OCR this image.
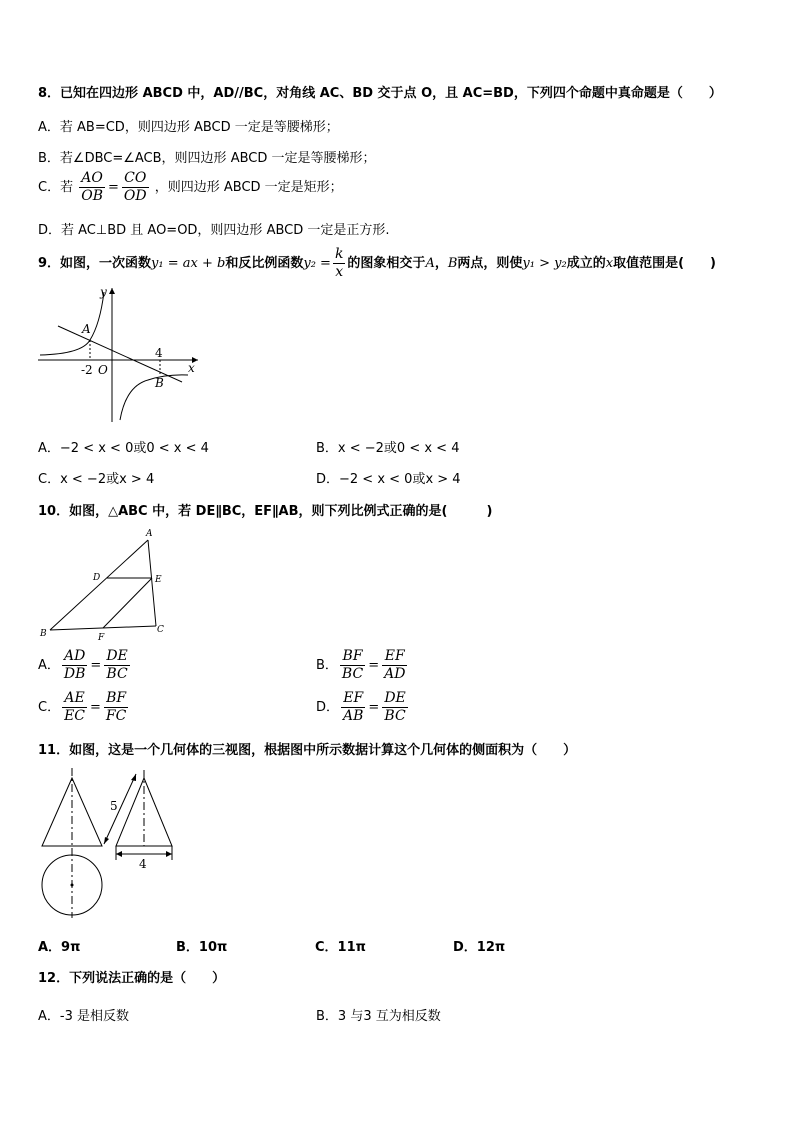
8．已知在四边形 ABCD 中，AD//BC，对角线 AC、BD 交于点 O，且 AC=BD，下列四个命题中真命题是（　　）
A．若 AB=CD，则四边形 ABCD 一定是等腰梯形；
B．若∠DBC=∠ACB，则四边形 ABCD 一定是等腰梯形；
C．若 $\frac{AO}{OB} = \frac{CO}{OD}$ ，则四边形 ABCD 一定是矩形；
D．若 AC⊥BD 且 AO=OD，则四边形 ABCD 一定是正方形.
9．如图，一次函数y₁ = ax + b和反比例函数$y_2 = \frac{k}{x}$ 的图象相交于A，B两点，则使y₁ > y₂成立的x取值范围是(　　)
y
x
O
A
B
-2
4
A．−2 < x < 0或0 < x < 4	B．x < −2或0 < x < 4
C．x < −2或x > 4	D．−2 < x < 0或x > 4
10．如图，△ABC 中，若 DE∥BC，EF∥AB，则下列比例式正确的是(　　　)
A
B	C
D	E
F
A． $\frac{AD}{DB} = \frac{DE}{BC}$	B． $\frac{BF}{BC} = \frac{EF}{AD}$
C． $\frac{AE}{EC} = \frac{BF}{FC}$	D． $\frac{EF}{AB} = \frac{DE}{BC}$
11．如图，这是一个几何体的三视图，根据图中所示数据计算这个几何体的侧面积为（　　）
5
4
A．9π	B．10π	C．11π	D．12π
12．下列说法正确的是（　　）
A．-3 是相反数	B．3 与3 互为相反数
